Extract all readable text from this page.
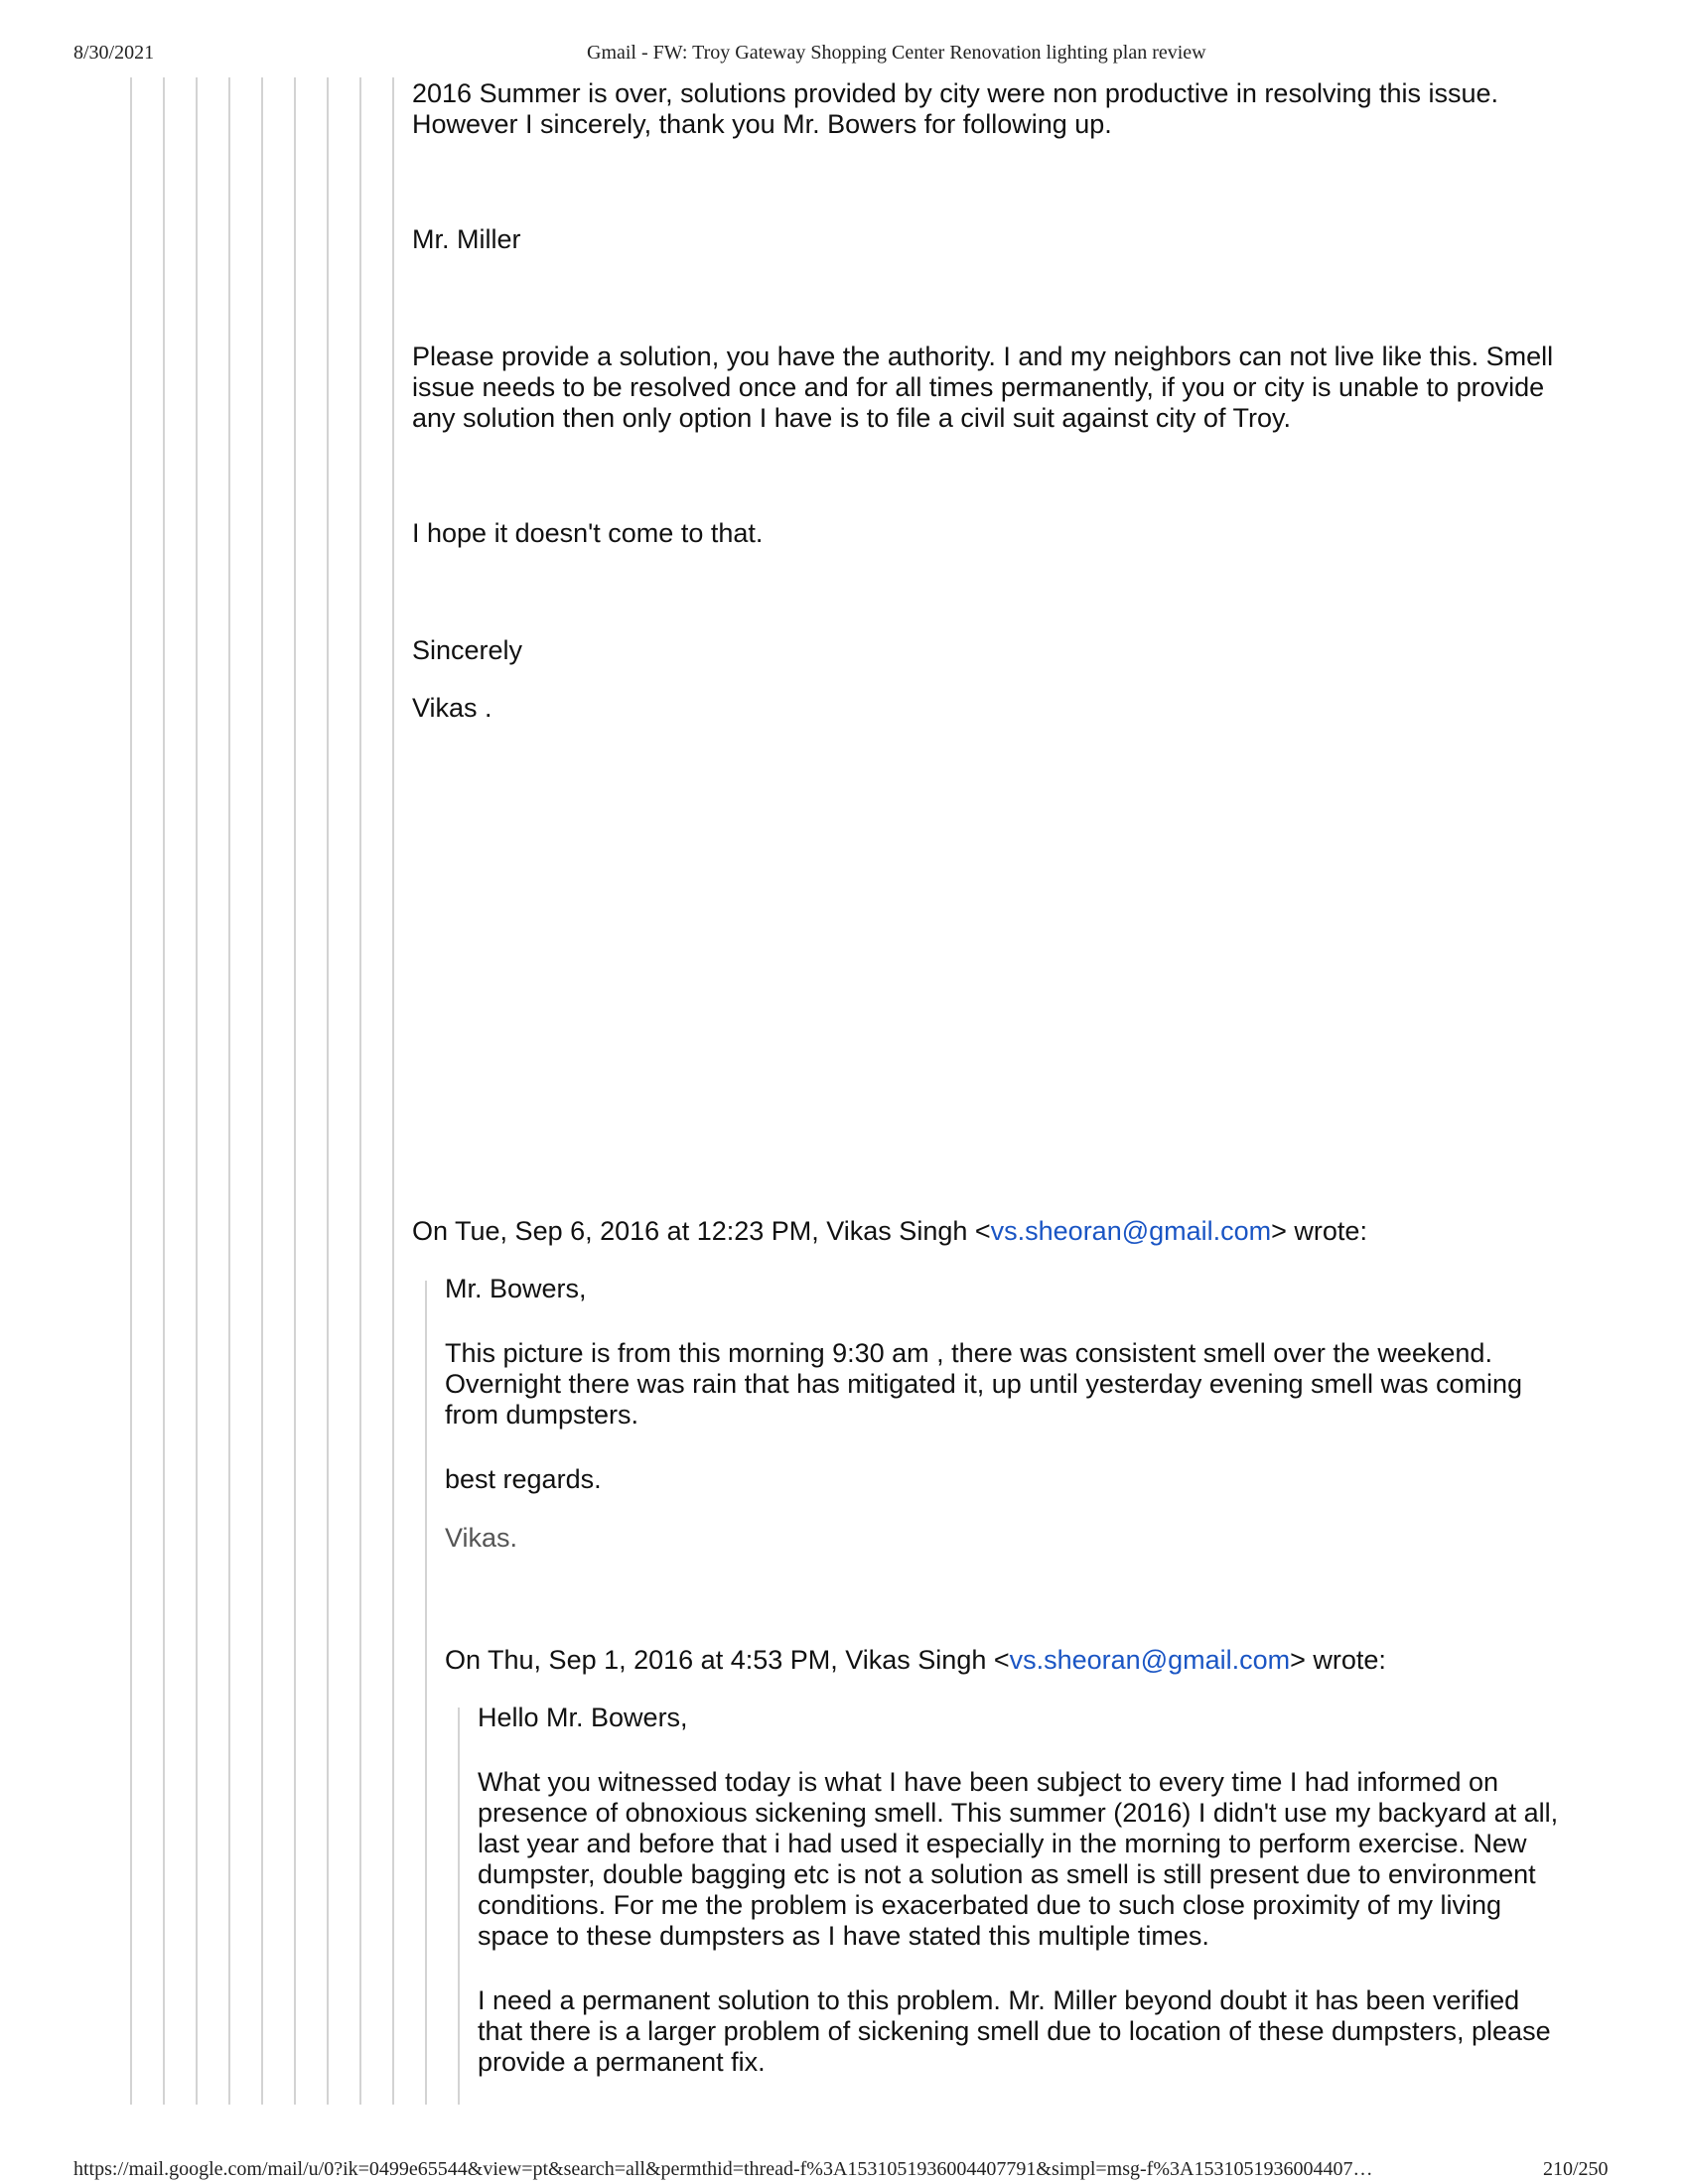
8/30/2021	Gmail - FW: Troy Gateway Shopping Center Renovation lighting plan review

2016 Summer is over, solutions provided by city were non productive in resolving this issue.
However I sincerely, thank you Mr. Bowers for following up.

Mr. Miller

Please provide a solution, you have the authority. I and my neighbors can not live like this. Smell
issue needs to be resolved once and for all times permanently, if you or city is unable to provide
any solution then only option I have is to file a civil suit against city of Troy.

I hope it doesn't come to that.

Sincerely

Vikas .

On Tue, Sep 6, 2016 at 12:23 PM, Vikas Singh <vs.sheoran@gmail.com> wrote:

Mr. Bowers,

This picture is from this morning 9:30 am , there was consistent smell over the weekend.
Overnight there was rain that has mitigated it, up until yesterday evening smell was coming
from dumpsters.

best regards.

Vikas.

On Thu, Sep 1, 2016 at 4:53 PM, Vikas Singh <vs.sheoran@gmail.com> wrote:

Hello Mr. Bowers,

What you witnessed today is what I have been subject to every time I had informed on
presence of obnoxious sickening smell. This summer (2016) I didn't use my backyard at all,
last year and before that i had used it especially in the morning to perform exercise. New
dumpster, double bagging etc is not a solution as smell is still present due to environment
conditions. For me the problem is exacerbated due to such close proximity of my living
space to these dumpsters as I have stated this multiple times.

I need a permanent solution to this problem. Mr. Miller beyond doubt it has been verified
that there is a larger problem of sickening smell due to location of these dumpsters, please
provide a permanent fix.

https://mail.google.com/mail/u/0?ik=0499e65544&view=pt&search=all&permthid=thread-f%3A1531051936004407791&simpl=msg-f%3A1531051936004407…	210/250
